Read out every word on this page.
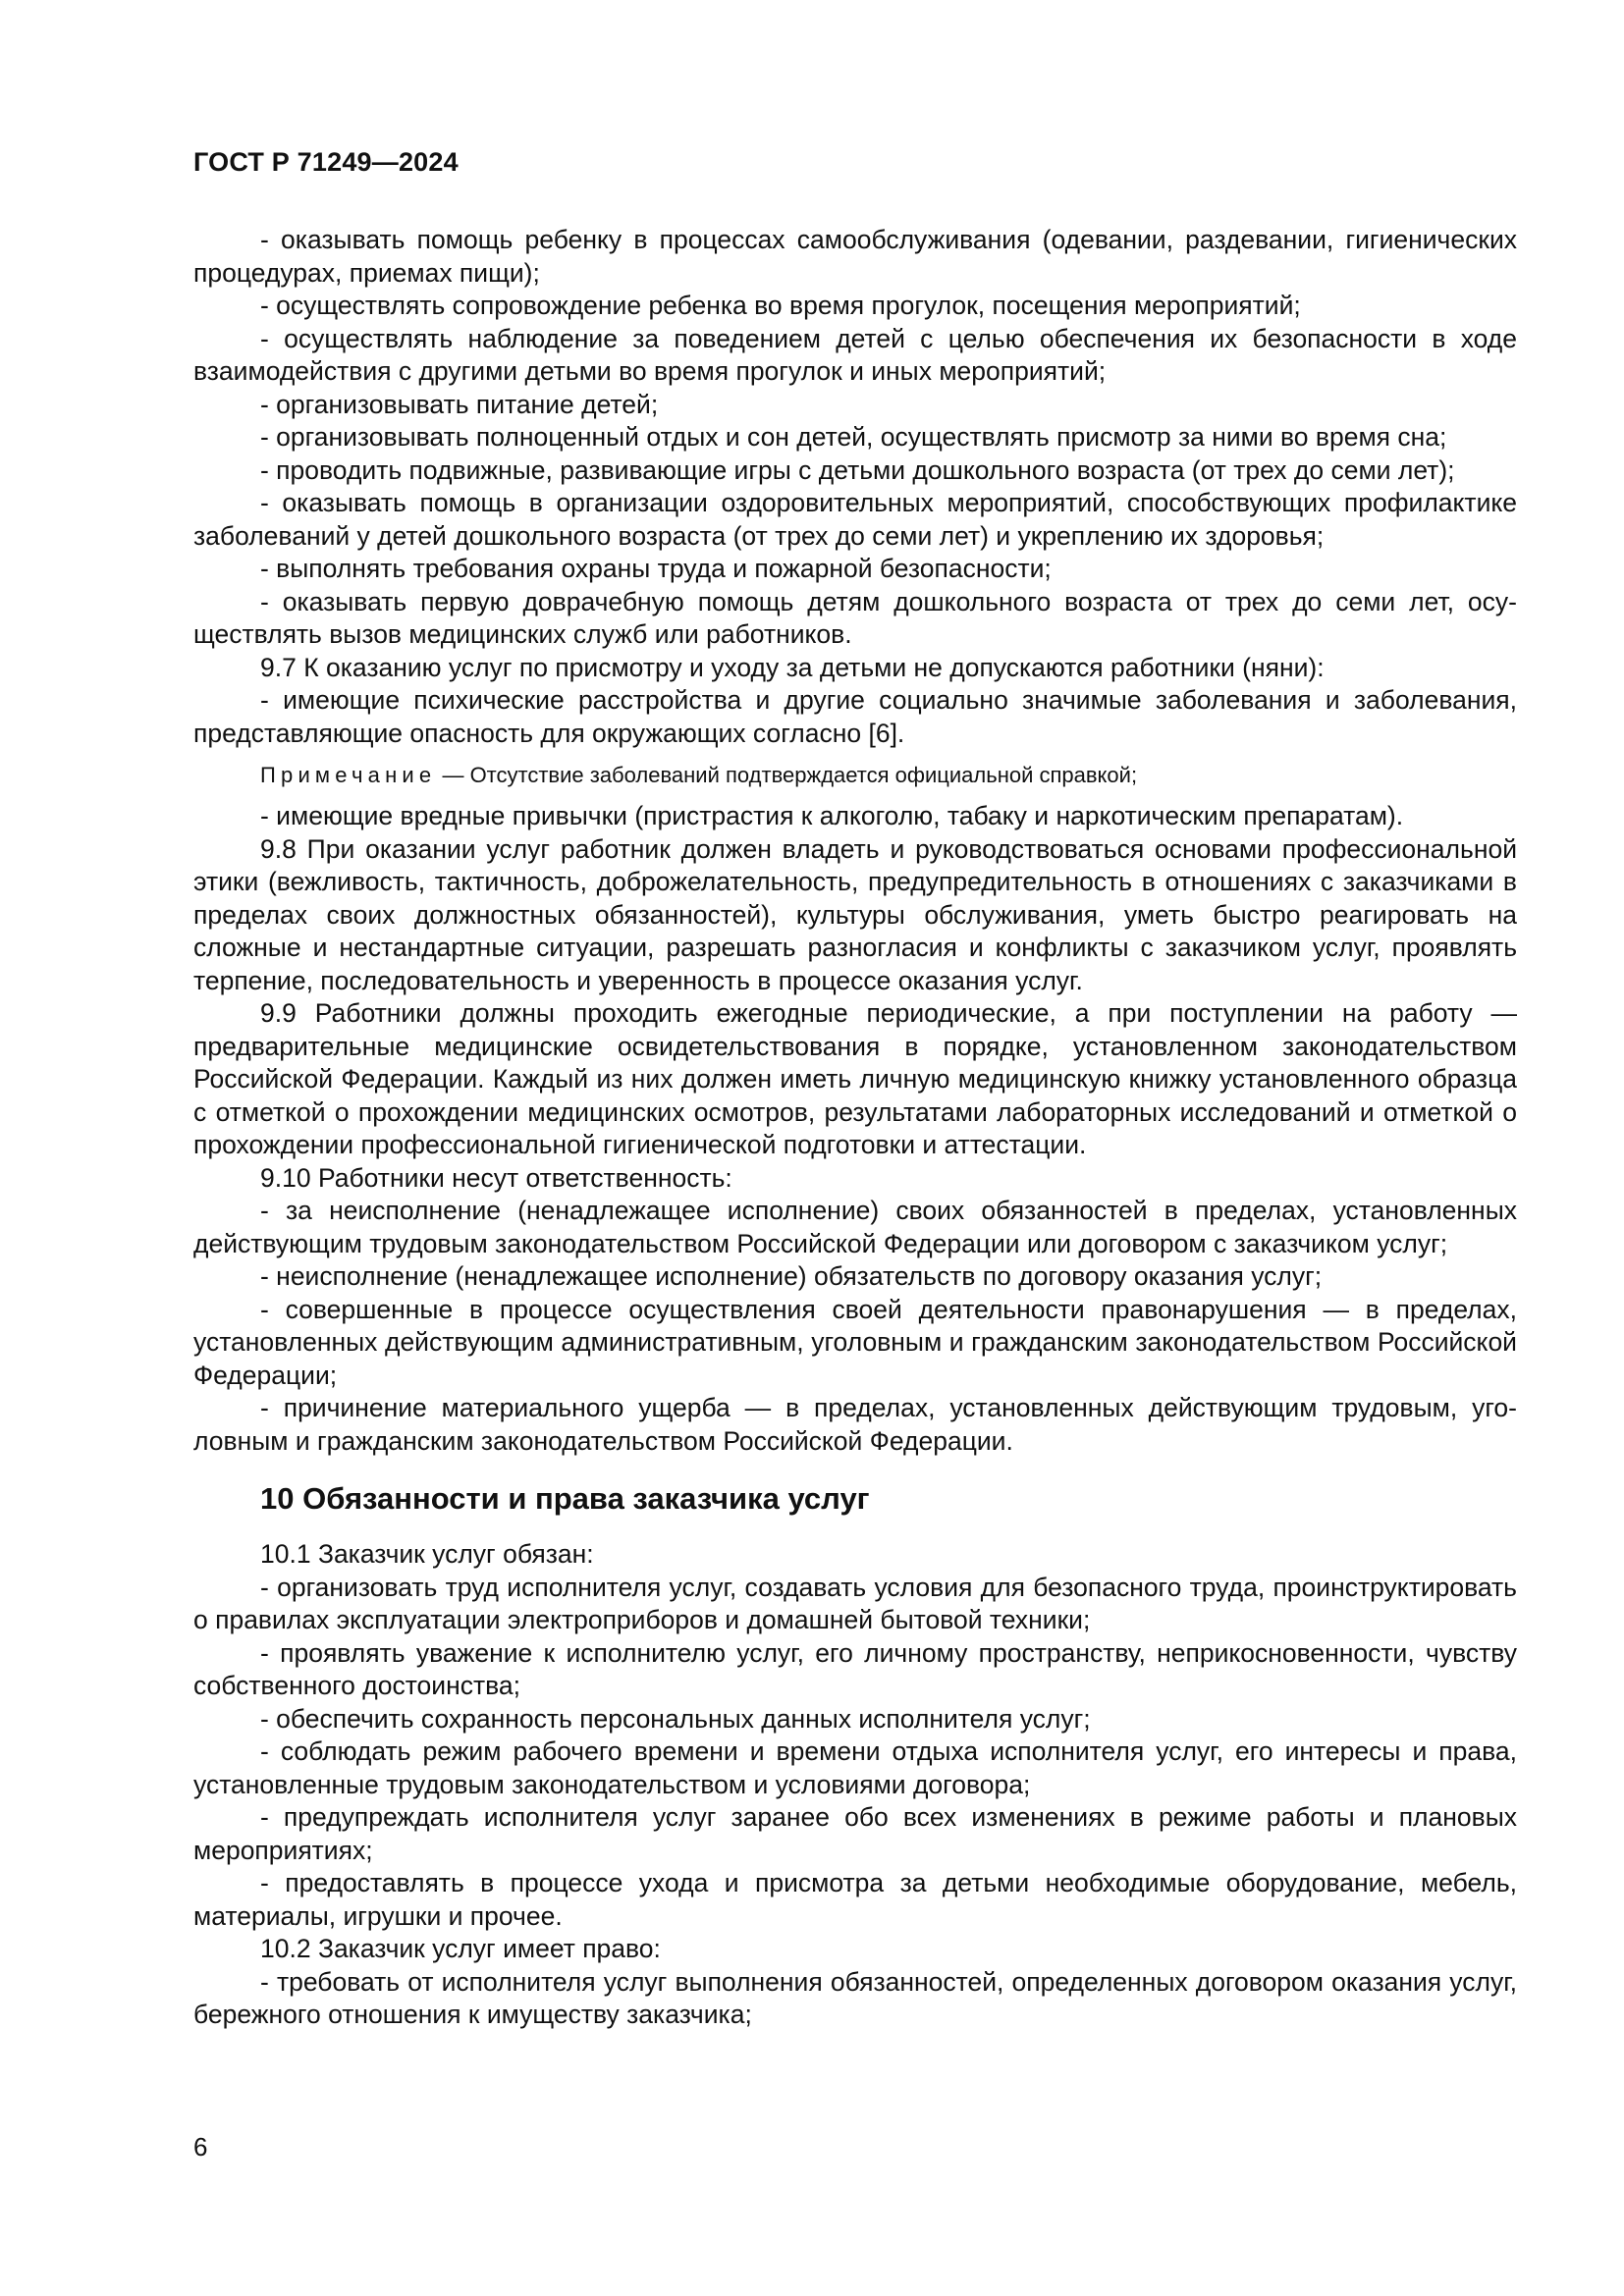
ГОСТ Р 71249—2024

- оказывать помощь ребенку в процессах самообслуживания (одевании, раздевании, гигиенических процедурах, приемах пищи);

- осуществлять сопровождение ребенка во время прогулок, посещения мероприятий;

- осуществлять наблюдение за поведением детей с целью обеспечения их безопасности в ходе взаимодействия с другими детьми во время прогулок и иных мероприятий;

- организовывать питание детей;

- организовывать полноценный отдых и сон детей, осуществлять присмотр за ними во время сна;

- проводить подвижные, развивающие игры с детьми дошкольного возраста (от трех до семи лет);

- оказывать помощь в организации оздоровительных мероприятий, способствующих профилактике заболеваний у детей дошкольного возраста (от трех до семи лет) и укреплению их здоровья;

- выполнять требования охраны труда и пожарной безопасности;

- оказывать первую доврачебную помощь детям дошкольного возраста от трех до семи лет, осуществлять вызов медицинских служб или работников.

9.7 К оказанию услуг по присмотру и уходу за детьми не допускаются работники (няни):

- имеющие психические расстройства и другие социально значимые заболевания и заболевания, представляющие опасность для окружающих согласно [6].

Примечание — Отсутствие заболеваний подтверждается официальной справкой;

- имеющие вредные привычки (пристрастия к алкоголю, табаку и наркотическим препаратам).

9.8 При оказании услуг работник должен владеть и руководствоваться основами профессиональной этики (вежливость, тактичность, доброжелательность, предупредительность в отношениях с заказчиками в пределах своих должностных обязанностей), культуры обслуживания, уметь быстро реагировать на сложные и нестандартные ситуации, разрешать разногласия и конфликты с заказчиком услуг, проявлять терпение, последовательность и уверенность в процессе оказания услуг.

9.9 Работники должны проходить ежегодные периодические, а при поступлении на работу — предварительные медицинские освидетельствования в порядке, установленном законодательством Российской Федерации. Каждый из них должен иметь личную медицинскую книжку установленного образца с отметкой о прохождении медицинских осмотров, результатами лабораторных исследований и отметкой о прохождении профессиональной гигиенической подготовки и аттестации.

9.10 Работники несут ответственность:

- за неисполнение (ненадлежащее исполнение) своих обязанностей в пределах, установленных действующим трудовым законодательством Российской Федерации или договором с заказчиком услуг;

- неисполнение (ненадлежащее исполнение) обязательств по договору оказания услуг;

- совершенные в процессе осуществления своей деятельности правонарушения — в пределах, установленных действующим административным, уголовным и гражданским законодательством Российской Федерации;

- причинение материального ущерба — в пределах, установленных действующим трудовым, уголовным и гражданским законодательством Российской Федерации.

10 Обязанности и права заказчика услуг

10.1 Заказчик услуг обязан:

- организовать труд исполнителя услуг, создавать условия для безопасного труда, проинструктировать о правилах эксплуатации электроприборов и домашней бытовой техники;

- проявлять уважение к исполнителю услуг, его личному пространству, неприкосновенности, чувству собственного достоинства;

- обеспечить сохранность персональных данных исполнителя услуг;

- соблюдать режим рабочего времени и времени отдыха исполнителя услуг, его интересы и права, установленные трудовым законодательством и условиями договора;

- предупреждать исполнителя услуг заранее обо всех изменениях в режиме работы и плановых мероприятиях;

- предоставлять в процессе ухода и присмотра за детьми необходимые оборудование, мебель, материалы, игрушки и прочее.

10.2 Заказчик услуг имеет право:

- требовать от исполнителя услуг выполнения обязанностей, определенных договором оказания услуг, бережного отношения к имуществу заказчика;

6
